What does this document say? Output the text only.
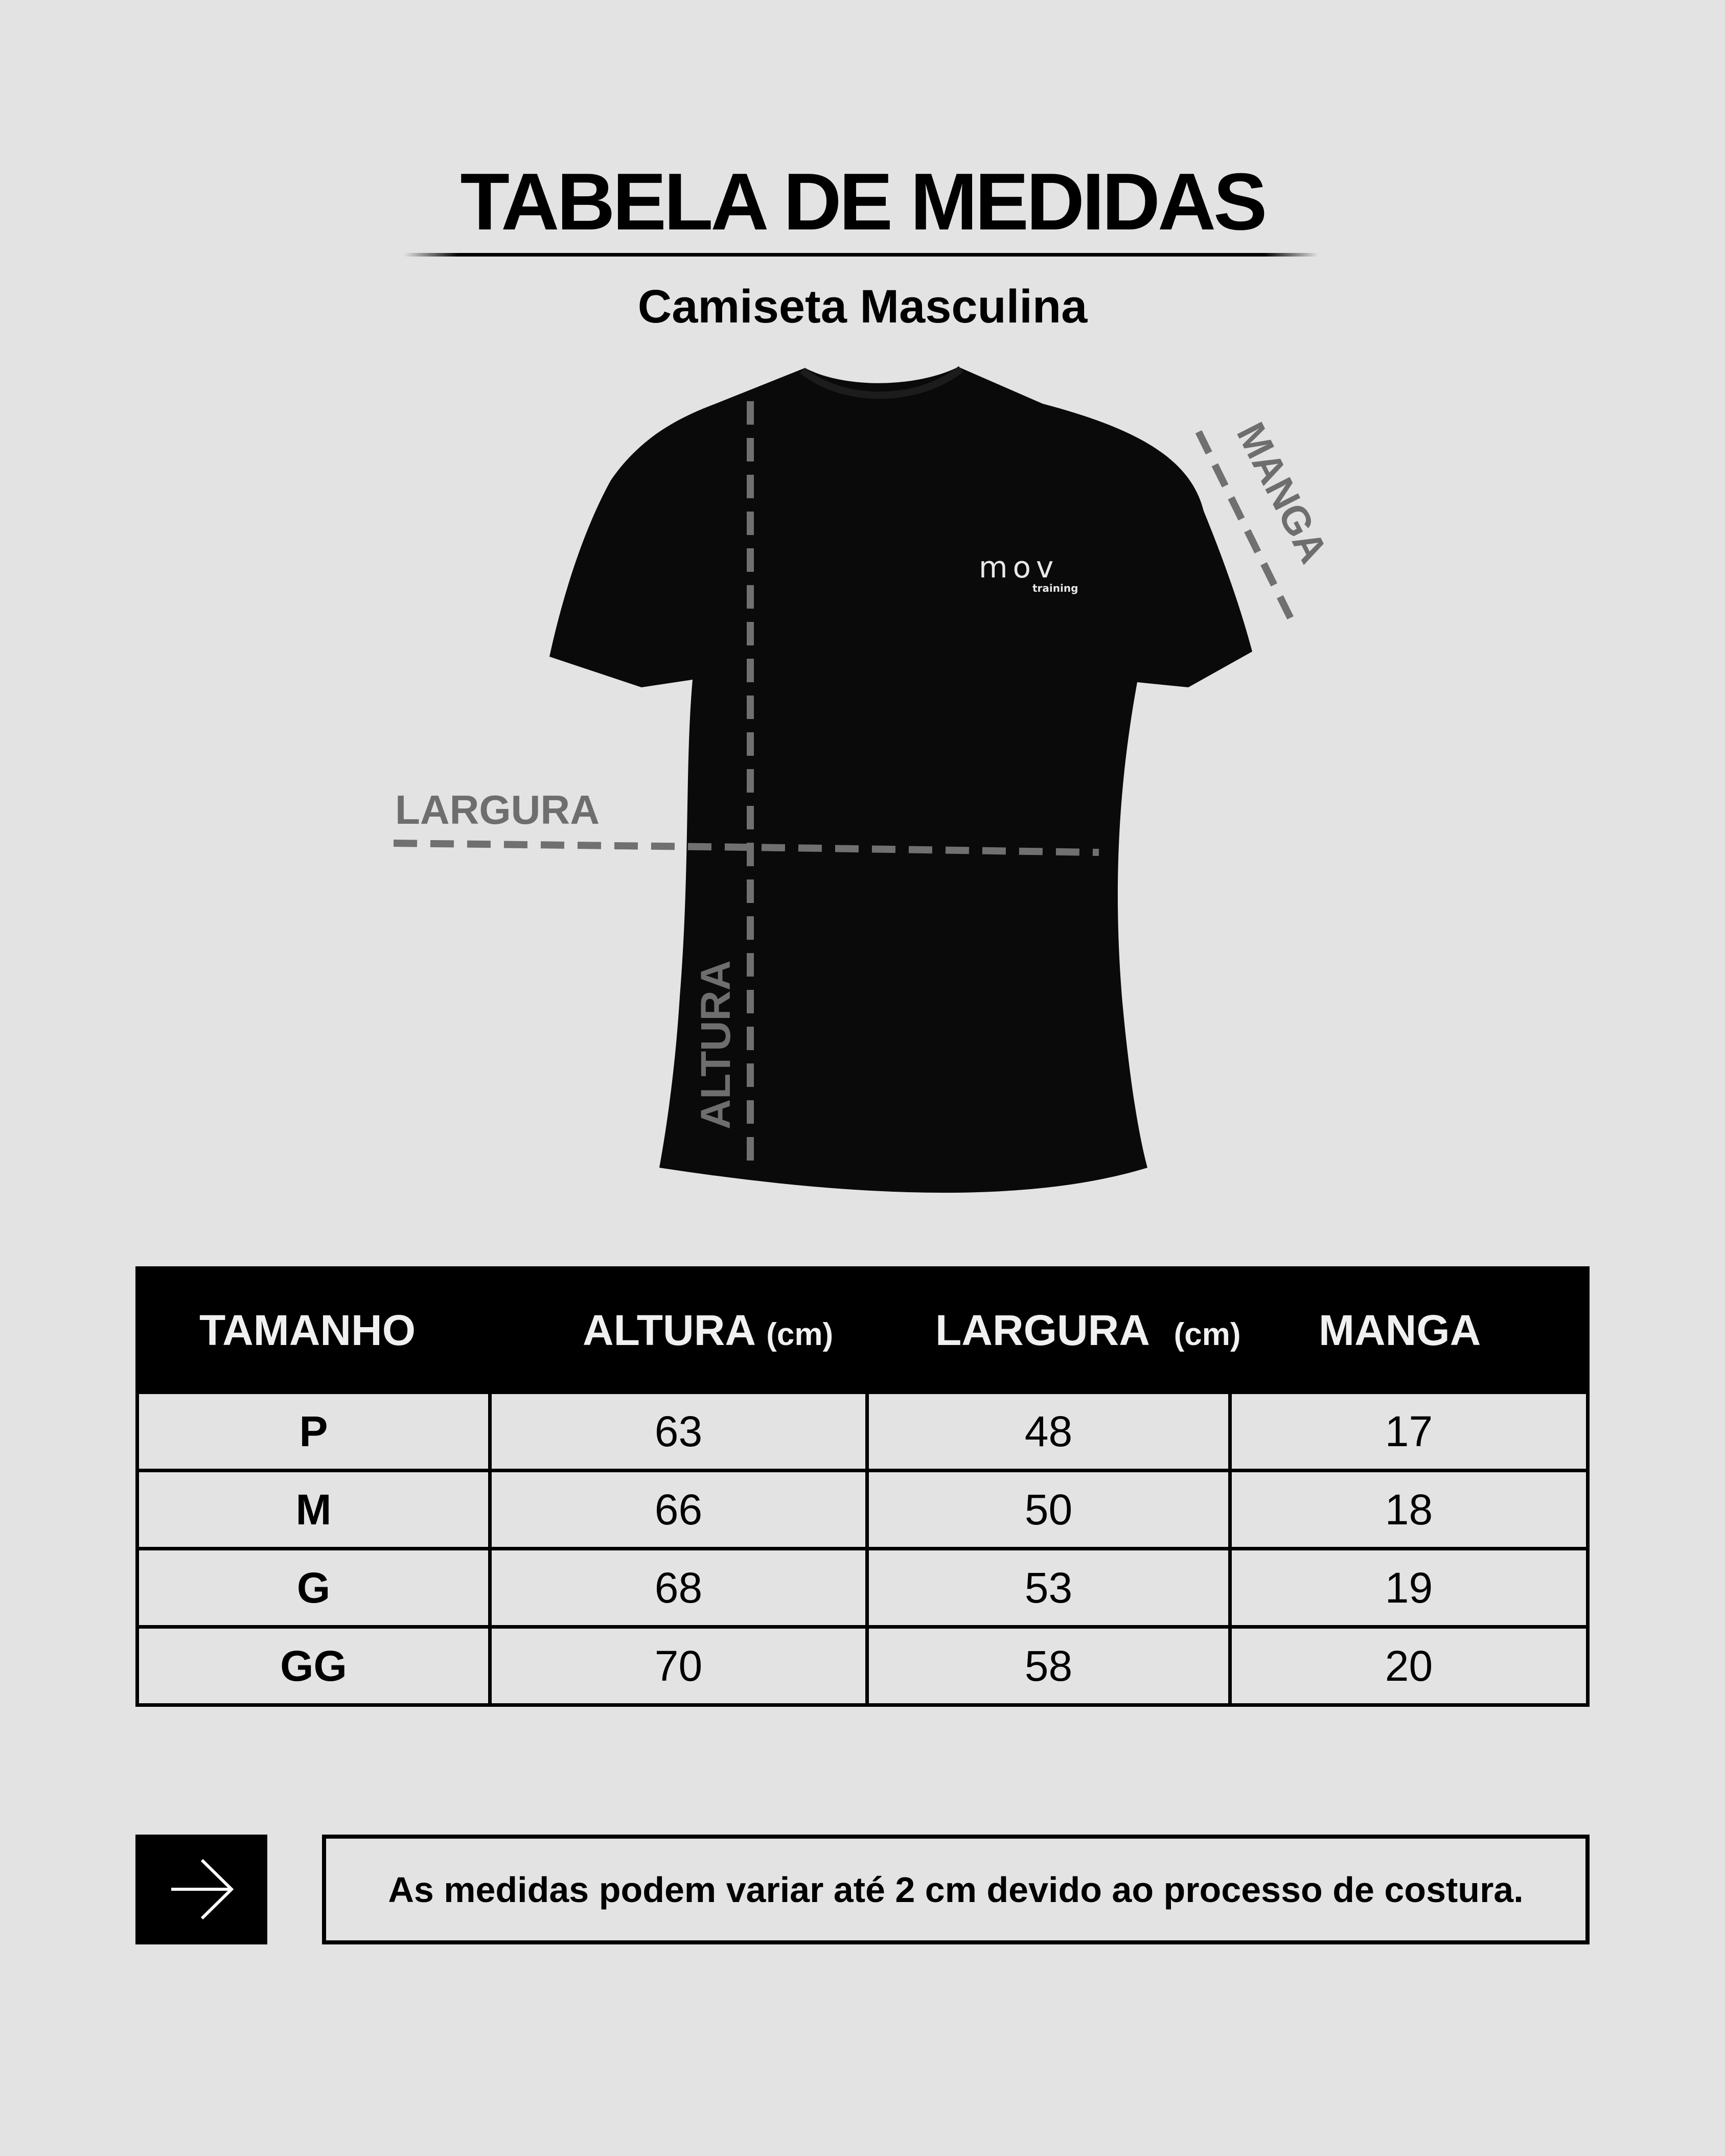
TABELA DE MEDIDAS
Camiseta Masculina
mov
training
LARGURA
ALTURA
MANGA
TAMANHO	ALTURA (cm) LARGURA (cm) MANGA
P	63	48	17
M	66	50	18
G	68	53	19
GG	70	58	20
As medidas podem variar até 2 cm devido ao processo de costura.
